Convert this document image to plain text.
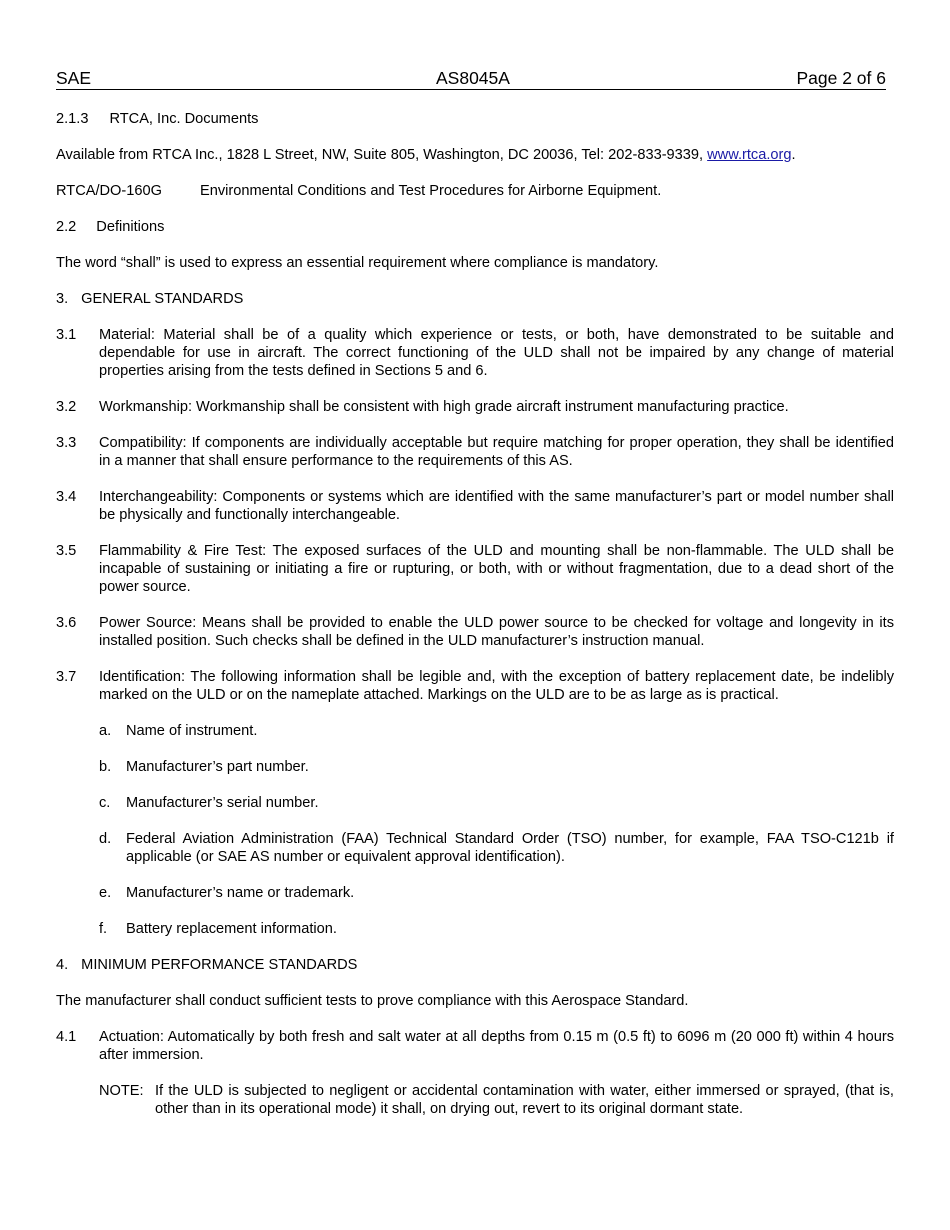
SAE	AS8045A	Page 2 of 6
2.1.3 RTCA, Inc. Documents

Available from RTCA Inc., 1828 L Street, NW, Suite 805, Washington, DC 20036, Tel: 202-833-9339, www.rtca.org.

RTCA/DO-160G	Environmental Conditions and Test Procedures for Airborne Equipment.
2.2 Definitions

The word “shall” is used to express an essential requirement where compliance is mandatory.

3. GENERAL STANDARDS
3.1	Material: Material shall be of a quality which experience or tests, or both, have demonstrated to be suitable and dependable for use in aircraft. The correct functioning of the ULD shall not be impaired by any change of material properties arising from the tests defined in Sections 5 and 6.
3.2	Workmanship: Workmanship shall be consistent with high grade aircraft instrument manufacturing practice.
3.3	Compatibility: If components are individually acceptable but require matching for proper operation, they shall be identified in a manner that shall ensure performance to the requirements of this AS.
3.4	Interchangeability: Components or systems which are identified with the same manufacturer’s part or model number shall be physically and functionally interchangeable.
3.5	Flammability & Fire Test: The exposed surfaces of the ULD and mounting shall be non-flammable. The ULD shall be incapable of sustaining or initiating a fire or rupturing, or both, with or without fragmentation, due to a dead short of the power source.
3.6	Power Source: Means shall be provided to enable the ULD power source to be checked for voltage and longevity in its installed position. Such checks shall be defined in the ULD manufacturer’s instruction manual.
3.7	Identification: The following information shall be legible and, with the exception of battery replacement date, be indelibly marked on the ULD or on the nameplate attached. Markings on the ULD are to be as large as is practical.
a.	Name of instrument.
b.	Manufacturer’s part number.
c.	Manufacturer’s serial number.
d.	Federal Aviation Administration (FAA) Technical Standard Order (TSO) number, for example, FAA TSO-C121b if applicable (or SAE AS number or equivalent approval identification).
e.	Manufacturer’s name or trademark.
f.	Battery replacement information.
4. MINIMUM PERFORMANCE STANDARDS

The manufacturer shall conduct sufficient tests to prove compliance with this Aerospace Standard.

4.1	Actuation: Automatically by both fresh and salt water at all depths from 0.15 m (0.5 ft) to 6096 m (20 000 ft) within 4 hours after immersion.
NOTE: If the ULD is subjected to negligent or accidental contamination with water, either immersed or sprayed, (that is, other than in its operational mode) it shall, on drying out, revert to its original dormant state.
